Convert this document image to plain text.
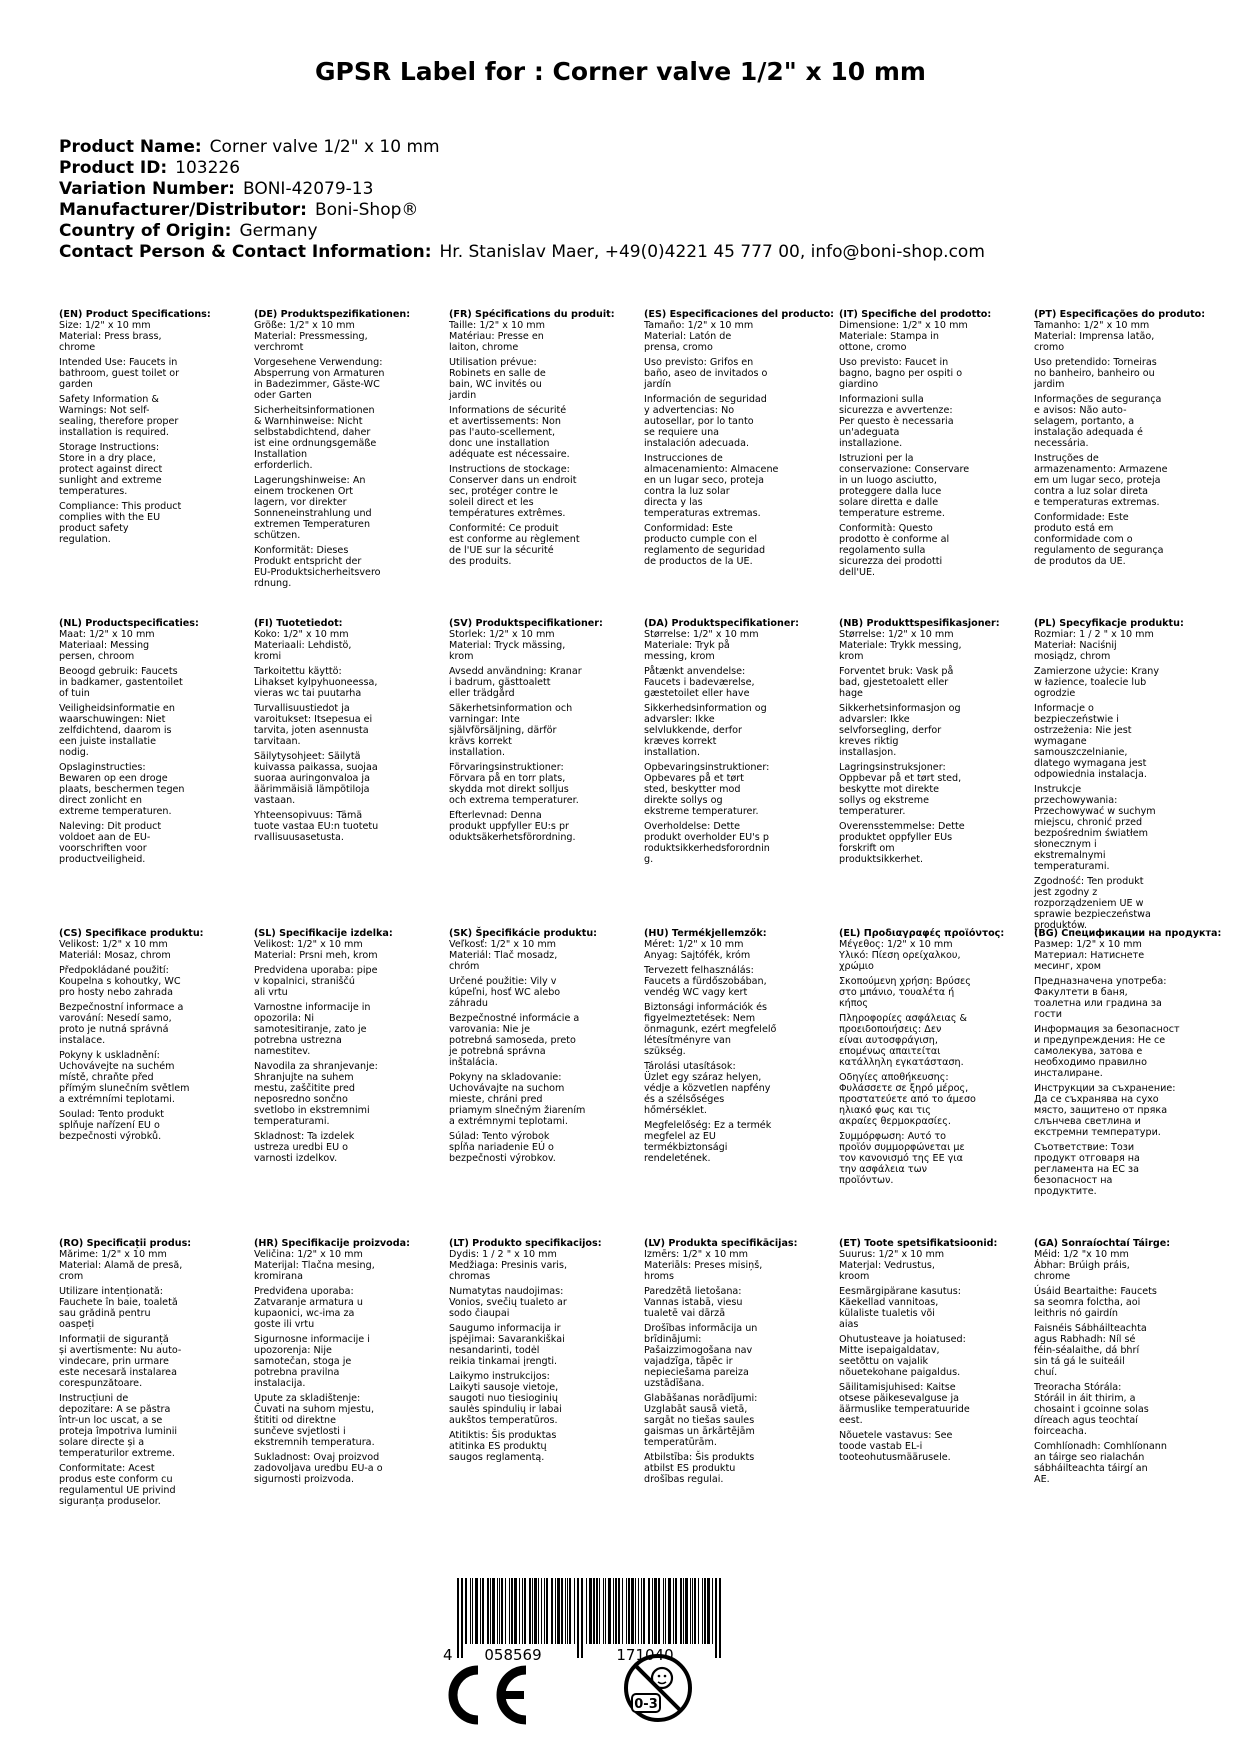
GPSR Label for : Corner valve 1/2" x 10 mm
Product Name: Corner valve 1/2" x 10 mm
Product ID: 103226
Variation Number: BONI-42079-13
Manufacturer/Distributor: Boni-Shop®
Country of Origin: Germany
Contact Person & Contact Information: Hr. Stanislav Maer, +49(0)4221 45 777 00, info@boni-shop.com
(EN) Product Specifications:

Size: 1/2" x 10 mm
Material: Press brass,
chrome

Intended Use: Faucets in
bathroom, guest toilet or
garden

Safety Information &
Warnings: Not self-
sealing, therefore proper
installation is required.

Storage Instructions:
Store in a dry place,
protect against direct
sunlight and extreme
temperatures.

Compliance: This product
complies with the EU
product safety
regulation.

(DE) Produktspezifikationen:

Größe: 1/2" x 10 mm
Material: Pressmessing,
verchromt

Vorgesehene Verwendung:
Absperrung von Armaturen
in Badezimmer, Gäste-WC
oder Garten

Sicherheitsinformationen
& Warnhinweise: Nicht
selbstabdichtend, daher
ist eine ordnungsgemäße
Installation
erforderlich.

Lagerungshinweise: An
einem trockenen Ort
lagern, vor direkter
Sonneneinstrahlung und
extremen Temperaturen
schützen.

Konformität: Dieses
Produkt entspricht der
EU-Produktsicherheitsvero
rdnung.

(FR) Spécifications du produit:

Taille: 1/2" x 10 mm
Matériau: Presse en
laiton, chrome

Utilisation prévue:
Robinets en salle de
bain, WC invités ou
jardin

Informations de sécurité
et avertissements: Non
pas l'auto-scellement,
donc une installation
adéquate est nécessaire.

Instructions de stockage:
Conserver dans un endroit
sec, protéger contre le
soleil direct et les
températures extrêmes.

Conformité: Ce produit
est conforme au règlement
de l'UE sur la sécurité
des produits.

(ES) Especificaciones del producto:

Tamaño: 1/2" x 10 mm
Material: Latón de
prensa, cromo

Uso previsto: Grifos en
baño, aseo de invitados o
jardín

Información de seguridad
y advertencias: No
autosellar, por lo tanto
se requiere una
instalación adecuada.

Instrucciones de
almacenamiento: Almacene
en un lugar seco, proteja
contra la luz solar
directa y las
temperaturas extremas.

Conformidad: Este
producto cumple con el
reglamento de seguridad
de productos de la UE.

(IT) Specifiche del prodotto:

Dimensione: 1/2" x 10 mm
Materiale: Stampa in
ottone, cromo

Uso previsto: Faucet in
bagno, bagno per ospiti o
giardino

Informazioni sulla
sicurezza e avvertenze:
Per questo è necessaria
un'adeguata
installazione.

Istruzioni per la
conservazione: Conservare
in un luogo asciutto,
proteggere dalla luce
solare diretta e dalle
temperature estreme.

Conformità: Questo
prodotto è conforme al
regolamento sulla
sicurezza dei prodotti
dell'UE.

(PT) Especificações do produto:

Tamanho: 1/2" x 10 mm
Material: Imprensa latão,
cromo

Uso pretendido: Torneiras
no banheiro, banheiro ou
jardim

Informações de segurança
e avisos: Não auto-
selagem, portanto, a
instalação adequada é
necessária.

Instruções de
armazenamento: Armazene
em um lugar seco, proteja
contra a luz solar direta
e temperaturas extremas.

Conformidade: Este
produto está em
conformidade com o
regulamento de segurança
de produtos da UE.

(NL) Productspecificaties:

Maat: 1/2" x 10 mm
Materiaal: Messing
persen, chroom

Beoogd gebruik: Faucets
in badkamer, gastentoilet
of tuin

Veiligheidsinformatie en
waarschuwingen: Niet
zelfdichtend, daarom is
een juiste installatie
nodig.

Opslaginstructies:
Bewaren op een droge
plaats, beschermen tegen
direct zonlicht en
extreme temperaturen.

Naleving: Dit product
voldoet aan de EU-
voorschriften voor
productveiligheid.

(FI) Tuotetiedot:

Koko: 1/2" x 10 mm
Materiaali: Lehdistö,
kromi

Tarkoitettu käyttö:
Lihakset kylpyhuoneessa,
vieras wc tai puutarha

Turvallisuustiedot ja
varoitukset: Itsepesua ei
tarvita, joten asennusta
tarvitaan.

Säilytysohjeet: Säilytä
kuivassa paikassa, suojaa
suoraa auringonvaloa ja
äärimmäisiä lämpötiloja
vastaan.

Yhteensopivuus: Tämä
tuote vastaa EU:n tuotetu
rvallisuusasetusta.

(SV) Produktspecifikationer:

Storlek: 1/2" x 10 mm
Material: Tryck mässing,
krom

Avsedd användning: Kranar
i badrum, gästtoalett
eller trädgård

Säkerhetsinformation och
varningar: Inte
självförsäljning, därför
krävs korrekt
installation.

Förvaringsinstruktioner:
Förvara på en torr plats,
skydda mot direkt solljus
och extrema temperaturer.

Efterlevnad: Denna
produkt uppfyller EU:s pr
oduktsäkerhetsförordning.

(DA) Produktspecifikationer:

Størrelse: 1/2" x 10 mm
Materiale: Tryk på
messing, krom

Påtænkt anvendelse:
Faucets i badeværelse,
gæstetoilet eller have

Sikkerhedsinformation og
advarsler: Ikke
selvlukkende, derfor
kræves korrekt
installation.

Opbevaringsinstruktioner:
Opbevares på et tørt
sted, beskytter mod
direkte sollys og
ekstreme temperaturer.

Overholdelse: Dette
produkt overholder EU's p
roduktsikkerhedsforordnin
g.

(NB) Produkttspesifikasjoner:

Størrelse: 1/2" x 10 mm
Materiale: Trykk messing,
krom

Forventet bruk: Vask på
bad, gjestetoalett eller
hage

Sikkerhetsinformasjon og
advarsler: Ikke
selvforsegling, derfor
kreves riktig
installasjon.

Lagringsinstruksjoner:
Oppbevar på et tørt sted,
beskytte mot direkte
sollys og ekstreme
temperaturer.

Overensstemmelse: Dette
produktet oppfyller EUs
forskrift om
produktsikkerhet.

(PL) Specyfikacje produktu:

Rozmiar: 1 / 2 " x 10 mm
Materiał: Naciśnij
mosiądz, chrom

Zamierzone użycie: Krany
w łazience, toalecie lub
ogrodzie

Informacje o
bezpieczeństwie i
ostrzeżenia: Nie jest
wymagane
samouszczelnianie,
dlatego wymagana jest
odpowiednia instalacja.

Instrukcje
przechowywania:
Przechowywać w suchym
miejscu, chronić przed
bezpośrednim światłem
słonecznym i
ekstremalnymi
temperaturami.

Zgodność: Ten produkt
jest zgodny z
rozporządzeniem UE w
sprawie bezpieczeństwa
produktów.

(CS) Specifikace produktu:

Velikost: 1/2" x 10 mm
Materiál: Mosaz, chrom

Předpokládané použití:
Koupelna s kohoutky, WC
pro hosty nebo zahrada

Bezpečnostní informace a
varování: Nesedí samo,
proto je nutná správná
instalace.

Pokyny k uskladnění:
Uchovávejte na suchém
místě, chraňte před
přímým slunečním světlem
a extrémními teplotami.

Soulad: Tento produkt
splňuje nařízení EU o
bezpečnosti výrobků.

(SL) Specifikacije izdelka:

Velikost: 1/2" x 10 mm
Material: Prsni meh, krom

Predvidena uporaba: pipe
v kopalnici, straniščú
ali vrtu

Varnostne informacije in
opozorila: Ni
samotesitiranje, zato je
potrebna ustrezna
namestitev.

Navodila za shranjevanje:
Shranjujte na suhem
mestu, zaščitite pred
neposredno sončno
svetlobo in ekstremnimi
temperaturami.

Skladnost: Ta izdelek
ustreza uredbi EU o
varnosti izdelkov.

(SK) Špecifikácie produktu:

Veľkosť: 1/2" x 10 mm
Materiál: Tlač mosadz,
chróm

Určené použitie: Vily v
kúpeľni, hosť WC alebo
záhradu

Bezpečnostné informácie a
varovania: Nie je
potrebná samoseda, preto
je potrebná správna
inštalácia.

Pokyny na skladovanie:
Uchovávajte na suchom
mieste, chráni pred
priamym slnečným žiarením
a extrémnymi teplotami.

Súlad: Tento výrobok
spĺňa nariadenie EÚ o
bezpečnosti výrobkov.

(HU) Termékjellemzők:

Méret: 1/2" x 10 mm
Anyag: Sajtófék, króm

Tervezett felhasználás:
Faucets a fürdőszobában,
vendég WC vagy kert

Biztonsági információk és
figyelmeztetések: Nem
önmagunk, ezért megfelelő
létesítményre van
szükség.

Tárolási utasítások:
Üzlet egy száraz helyen,
védje a közvetlen napfény
és a szélsőséges
hőmérséklet.

Megfelelőség: Ez a termék
megfelel az EU
termékbiztonsági
rendeletének.

(EL) Προδιαγραφές προϊόντος:

Μέγεθος: 1/2" x 10 mm
Υλικό: Πίεση ορείχαλκου,
χρώμιο

Σκοπούμενη χρήση: Βρύσες
στο μπάνιο, τουαλέτα ή
κήπος

Πληροφορίες ασφάλειας &
προειδοποιήσεις: Δεν
είναι αυτοσφράγιση,
επομένως απαιτείται
κατάλληλη εγκατάσταση.

Οδηγίες αποθήκευσης:
Φυλάσσετε σε ξηρό μέρος,
προστατεύετε από το άμεσο
ηλιακό φως και τις
ακραίες θερμοκρασίες.

Συμμόρφωση: Αυτό το
προϊόν συμμορφώνεται με
τον κανονισμό της ΕΕ για
την ασφάλεια των
προϊόντων.

(BG) Спецификации на продукта:

Размер: 1/2" x 10 mm
Материал: Натиснете
месинг, хром

Предназначена употреба:
Факултети в баня,
тоалетна или градина за
гости

Информация за безопасност
и предупреждения: Не се
самолекува, затова е
необходимо правилно
инсталиране.

Инструкции за съхранение:
Да се съхранява на сухо
място, защитено от пряка
слънчева светлина и
екстремни температури.

Съответствие: Този
продукт отговаря на
регламента на ЕС за
безопасност на
продуктите.

(RO) Specificații produs:

Mărime: 1/2" x 10 mm
Material: Alamă de presă,
crom

Utilizare intenționată:
Fauchete în baie, toaletă
sau grădină pentru
oaspeți

Informații de siguranță
și avertismente: Nu auto-
vindecare, prin urmare
este necesară instalarea
corespunzătoare.

Instrucțiuni de
depozitare: A se păstra
într-un loc uscat, a se
proteja împotriva luminii
solare directe și a
temperaturilor extreme.

Conformitate: Acest
produs este conform cu
regulamentul UE privind
siguranța produselor.

(HR) Specifikacije proizvoda:

Veličina: 1/2" x 10 mm
Materijal: Tlačna mesing,
kromirana

Predviđena uporaba:
Zatvaranje armatura u
kupaonici, wc-ima za
goste ili vrtu

Sigurnosne informacije i
upozorenja: Nije
samotečan, stoga je
potrebna pravilna
instalacija.

Upute za skladištenje:
Čuvati na suhom mjestu,
štititi od direktne
sunčeve svjetlosti i
ekstremnih temperatura.

Sukladnost: Ovaj proizvod
zadovoljava uredbu EU-a o
sigurnosti proizvoda.

(LT) Produkto specifikacijos:

Dydis: 1 / 2 " x 10 mm
Medžiaga: Presinis varis,
chromas

Numatytas naudojimas:
Vonios, svečių tualeto ar
sodo čiaupai

Saugumo informacija ir
įspėjimai: Savarankiškai
nesandarinti, todėl
reikia tinkamai įrengti.

Laikymo instrukcijos:
Laikyti sausoje vietoje,
saugoti nuo tiesioginių
saulės spindulių ir labai
aukštos temperatūros.

Atitiktis: Šis produktas
atitinka ES produktų
saugos reglamentą.

(LV) Produkta specifikācijas:

Izmērs: 1/2" x 10 mm
Materiāls: Preses misiņš,
hroms

Paredzētā lietošana:
Vannas istabā, viesu
tualetē vai dārzā

Drošības informācija un
brīdinājumi:
Pašaizzimogošana nav
vajadzīga, tāpēc ir
nepieciešama pareiza
uzstādīšana.

Glabāšanas norādījumi:
Uzglabāt sausā vietā,
sargāt no tiešas saules
gaismas un ārkārtējām
temperatūrām.

Atbilstība: Šis produkts
atbilst ES produktu
drošības regulai.

(ET) Toote spetsifikatsioonid:

Suurus: 1/2" x 10 mm
Materjal: Vedrustus,
kroom

Eesmärgipärane kasutus:
Käekellad vannitoas,
külaliste tualetis või
aias

Ohutusteave ja hoiatused:
Mitte isepaigaldatav,
seetõttu on vajalik
nõuetekohane paigaldus.

Säilitamisjuhised: Kaitse
otsese päikesevalguse ja
äärmuslike temperatuuride
eest.

Nõuetele vastavus: See
toode vastab EL-i
tooteohutusmäärusele.

(GA) Sonraíochtaí Táirge:

Méid: 1/2 "x 10 mm
Ábhar: Brúigh práis,
chrome

Úsáid Beartaithe: Faucets
sa seomra folctha, aoi
leithris nó gairdín

Faisnéis Sábháilteachta
agus Rabhadh: Níl sé
féin-séalaithe, dá bhrí
sin tá gá le suiteáil
chuí.

Treoracha Stórála:
Stóráil in áit thirim, a
chosaint i gcoinne solas
díreach agus teochtaí
foirceacha.

Comhlíonadh: Comhlíonann
an táirge seo rialachán
sábháilteachta táirgí an
AE.

4 058569	171040
0-3
